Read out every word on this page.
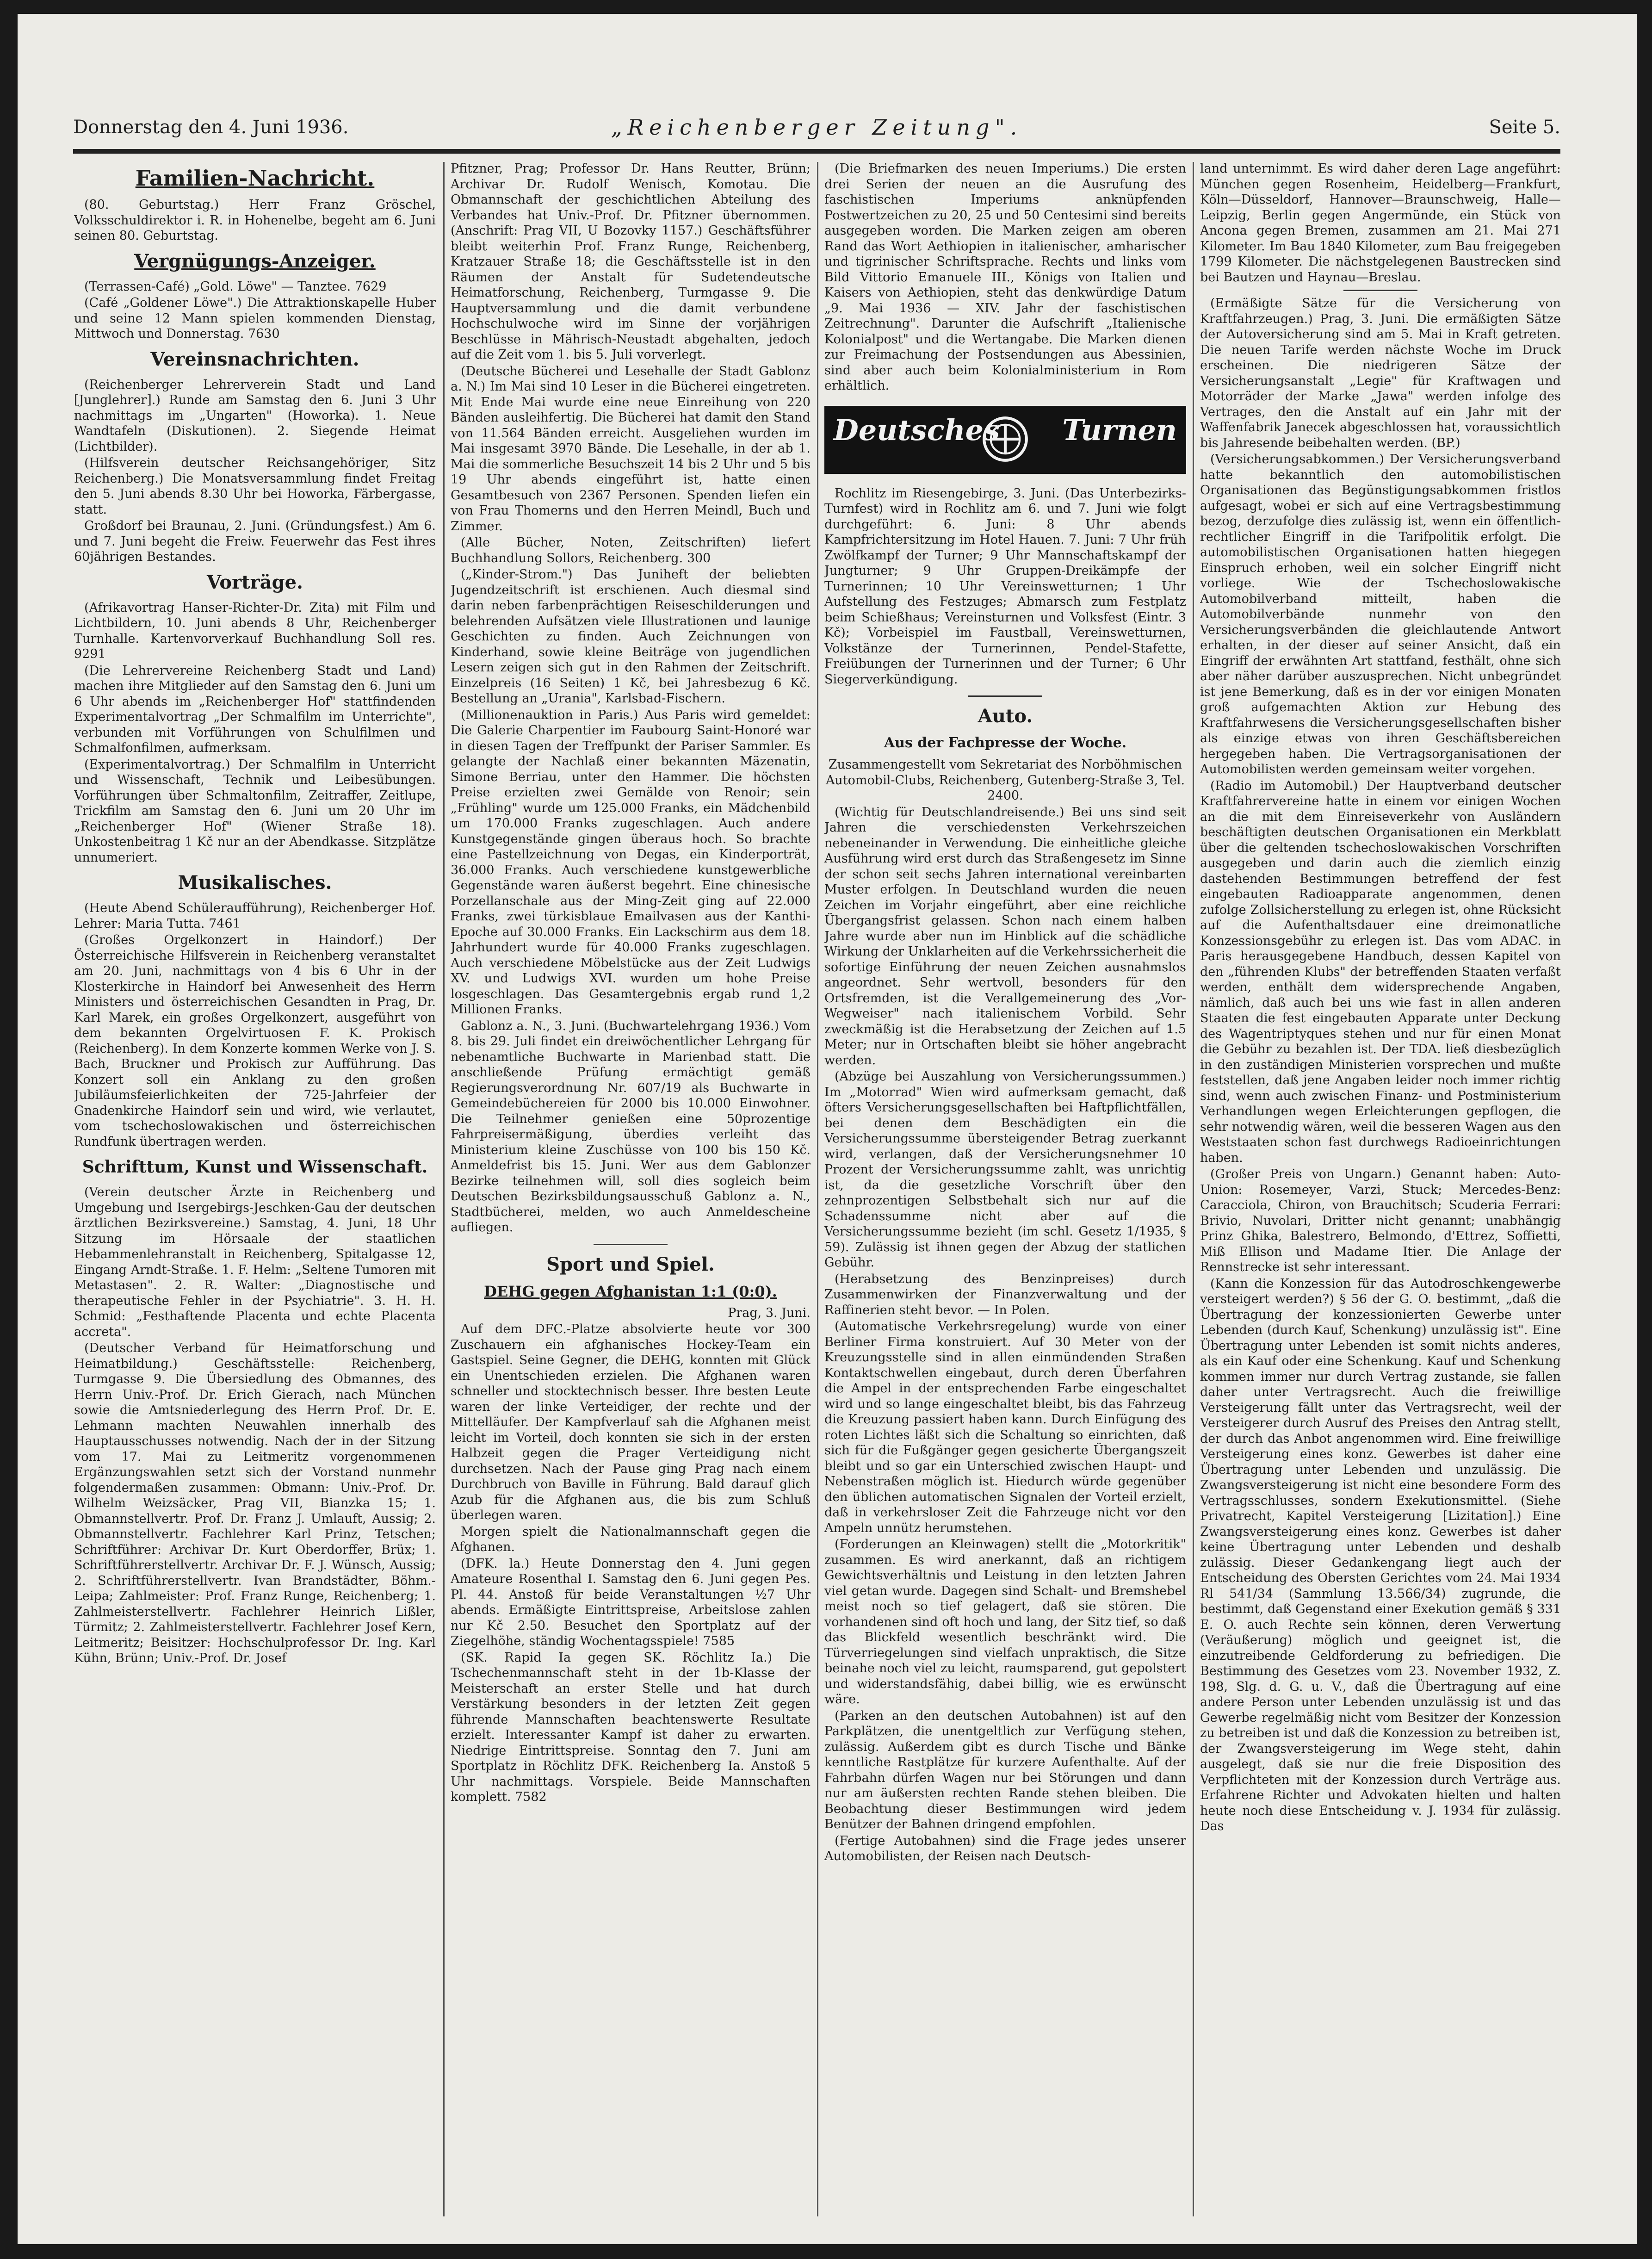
Donnerstag den 4. Juni 1936.	„Reichenberger Zeitung".	Seite 5.
Familien-Nachricht.

(80. Geburtstag.) Herr Franz Gröschel, Volksschuldirektor i. R. in Hohenelbe, begeht am 6. Juni seinen 80. Geburtstag.

Vergnügungs-Anzeiger.

(Terrassen-Café) „Gold. Löwe" — Tanztee. 7629

(Café „Goldener Löwe".) Die Attraktionskapelle Huber und seine 12 Mann spielen kommenden Dienstag, Mittwoch und Donnerstag. 7630

Vereinsnachrichten.

(Reichenberger Lehrerverein Stadt und Land [Junglehrer].) Runde am Samstag den 6. Juni 3 Uhr nachmittags im „Ungarten" (Howorka). 1. Neue Wandtafeln (Diskutionen). 2. Siegende Heimat (Lichtbilder).

(Hilfsverein deutscher Reichsangehöriger, Sitz Reichenberg.) Die Monatsversammlung findet Freitag den 5. Juni abends 8.30 Uhr bei Howorka, Färbergasse, statt.

Großdorf bei Braunau, 2. Juni. (Gründungsfest.) Am 6. und 7. Juni begeht die Freiw. Feuerwehr das Fest ihres 60jährigen Bestandes.

Vorträge.

(Afrikavortrag Hanser-Richter-Dr. Zita) mit Film und Lichtbildern, 10. Juni abends 8 Uhr, Reichenberger Turnhalle. Kartenvorverkauf Buchhandlung Soll res. 9291

(Die Lehrervereine Reichenberg Stadt und Land) machen ihre Mitglieder auf den Samstag den 6. Juni um 6 Uhr abends im „Reichenberger Hof" stattfindenden Experimentalvortrag „Der Schmalfilm im Unterrichte", verbunden mit Vorführungen von Schulfilmen und Schmalfonfilmen, aufmerksam.

(Experimentalvortrag.) Der Schmalfilm in Unterricht und Wissenschaft, Technik und Leibesübungen. Vorführungen über Schmaltonfilm, Zeitraffer, Zeitlupe, Trickfilm am Samstag den 6. Juni um 20 Uhr im „Reichenberger Hof" (Wiener Straße 18). Unkostenbeitrag 1 Kč nur an der Abendkasse. Sitzplätze unnumeriert.

Musikalisches.

(Heute Abend Schüleraufführung), Reichenberger Hof. Lehrer: Maria Tutta. 7461

(Großes Orgelkonzert in Haindorf.) Der Österreichische Hilfsverein in Reichenberg veranstaltet am 20. Juni, nachmittags von 4 bis 6 Uhr in der Klosterkirche in Haindorf bei Anwesenheit des Herrn Ministers und österreichischen Gesandten in Prag, Dr. Karl Marek, ein großes Orgelkonzert, ausgeführt von dem bekannten Orgelvirtuosen F. K. Prokisch (Reichenberg). In dem Konzerte kommen Werke von J. S. Bach, Bruckner und Prokisch zur Aufführung. Das Konzert soll ein Anklang zu den großen Jubiläumsfeierlichkeiten der 725-Jahrfeier der Gnadenkirche Haindorf sein und wird, wie verlautet, vom tschechoslowakischen und österreichischen Rundfunk übertragen werden.

Schrifttum, Kunst und Wissenschaft.

(Verein deutscher Ärzte in Reichenberg und Umgebung und Isergebirgs-Jeschken-Gau der deutschen ärztlichen Bezirksvereine.) Samstag, 4. Juni, 18 Uhr Sitzung im Hörsaale der staatlichen Hebammenlehranstalt in Reichenberg, Spitalgasse 12, Eingang Arndt-Straße. 1. F. Helm: „Seltene Tumoren mit Metastasen". 2. R. Walter: „Diagnostische und therapeutische Fehler in der Psychiatrie". 3. H. H. Schmid: „Festhaftende Placenta und echte Placenta accreta".

(Deutscher Verband für Heimatforschung und Heimatbildung.) Geschäftsstelle: Reichenberg, Turmgasse 9. Die Übersiedlung des Obmannes, des Herrn Univ.-Prof. Dr. Erich Gierach, nach München sowie die Amtsniederlegung des Herrn Prof. Dr. E. Lehmann machten Neuwahlen innerhalb des Hauptausschusses notwendig. Nach der in der Sitzung vom 17. Mai zu Leitmeritz vorgenommenen Ergänzungswahlen setzt sich der Vorstand nunmehr folgendermaßen zusammen: Obmann: Univ.-Prof. Dr. Wilhelm Weizsäcker, Prag VII, Bianzka 15; 1. Obmannstellvertr. Prof. Dr. Franz J. Umlauft, Aussig; 2. Obmannstellvertr. Fachlehrer Karl Prinz, Tetschen; Schriftführer: Archivar Dr. Kurt Oberdorffer, Brüx; 1. Schriftführerstellvertr. Archivar Dr. F. J. Wünsch, Aussig; 2. Schriftführerstellvertr. Ivan Brandstädter, Böhm.-Leipa; Zahlmeister: Prof. Franz Runge, Reichenberg; 1. Zahlmeisterstellvertr. Fachlehrer Heinrich Lißler, Türmitz; 2. Zahlmeisterstellvertr. Fachlehrer Josef Kern, Leitmeritz; Beisitzer: Hochschulprofessor Dr. Ing. Karl Kühn, Brünn; Univ.-Prof. Dr. Josef

Pfitzner, Prag; Professor Dr. Hans Reutter, Brünn; Archivar Dr. Rudolf Wenisch, Komotau. Die Obmannschaft der geschichtlichen Abteilung des Verbandes hat Univ.-Prof. Dr. Pfitzner übernommen. (Anschrift: Prag VII, U Bozovky 1157.) Geschäftsführer bleibt weiterhin Prof. Franz Runge, Reichenberg, Kratzauer Straße 18; die Geschäftsstelle ist in den Räumen der Anstalt für Sudetendeutsche Heimatforschung, Reichenberg, Turmgasse 9. Die Hauptversammlung und die damit verbundene Hochschulwoche wird im Sinne der vorjährigen Beschlüsse in Mährisch-Neustadt abgehalten, jedoch auf die Zeit vom 1. bis 5. Juli vorverlegt.

(Deutsche Bücherei und Lesehalle der Stadt Gablonz a. N.) Im Mai sind 10 Leser in die Bücherei eingetreten. Mit Ende Mai wurde eine neue Einreihung von 220 Bänden ausleihfertig. Die Bücherei hat damit den Stand von 11.564 Bänden erreicht. Ausgeliehen wurden im Mai insgesamt 3970 Bände. Die Lesehalle, in der ab 1. Mai die sommerliche Besuchszeit 14 bis 2 Uhr und 5 bis 19 Uhr abends eingeführt ist, hatte einen Gesamtbesuch von 2367 Personen. Spenden liefen ein von Frau Thomerns und den Herren Meindl, Buch und Zimmer.

(Alle Bücher, Noten, Zeitschriften) liefert Buchhandlung Sollors, Reichenberg. 300

(„Kinder-Strom.") Das Juniheft der beliebten Jugendzeitschrift ist erschienen. Auch diesmal sind darin neben farbenprächtigen Reiseschilderungen und belehrenden Aufsätzen viele Illustrationen und launige Geschichten zu finden. Auch Zeichnungen von Kinderhand, sowie kleine Beiträge von jugendlichen Lesern zeigen sich gut in den Rahmen der Zeitschrift. Einzelpreis (16 Seiten) 1 Kč, bei Jahresbezug 6 Kč. Bestellung an „Urania", Karlsbad-Fischern.

(Millionenauktion in Paris.) Aus Paris wird gemeldet: Die Galerie Charpentier im Faubourg Saint-Honoré war in diesen Tagen der Treffpunkt der Pariser Sammler. Es gelangte der Nachlaß einer bekannten Mäzenatin, Simone Berriau, unter den Hammer. Die höchsten Preise erzielten zwei Gemälde von Renoir; sein „Frühling" wurde um 125.000 Franks, ein Mädchenbild um 170.000 Franks zugeschlagen. Auch andere Kunstgegenstände gingen überaus hoch. So brachte eine Pastellzeichnung von Degas, ein Kinderporträt, 36.000 Franks. Auch verschiedene kunstgewerbliche Gegenstände waren äußerst begehrt. Eine chinesische Porzellanschale aus der Ming-Zeit ging auf 22.000 Franks, zwei türkisblaue Emailvasen aus der Kanthi-Epoche auf 30.000 Franks. Ein Lackschirm aus dem 18. Jahrhundert wurde für 40.000 Franks zugeschlagen. Auch verschiedene Möbelstücke aus der Zeit Ludwigs XV. und Ludwigs XVI. wurden um hohe Preise losgeschlagen. Das Gesamtergebnis ergab rund 1,2 Millionen Franks.

Gablonz a. N., 3. Juni. (Buchwartelehrgang 1936.) Vom 8. bis 29. Juli findet ein dreiwöchentlicher Lehrgang für nebenamtliche Buchwarte in Marienbad statt. Die anschließende Prüfung ermächtigt gemäß Regierungsverordnung Nr. 607/19 als Buchwarte in Gemeindebüchereien für 2000 bis 10.000 Einwohner. Die Teilnehmer genießen eine 50prozentige Fahrpreisermäßigung, überdies verleiht das Ministerium kleine Zuschüsse von 100 bis 150 Kč. Anmeldefrist bis 15. Juni. Wer aus dem Gablonzer Bezirke teilnehmen will, soll dies sogleich beim Deutschen Bezirksbildungsausschuß Gablonz a. N., Stadtbücherei, melden, wo auch Anmeldescheine aufliegen.

Sport und Spiel.
DEHG gegen Afghanistan 1:1 (0:0).

Prag, 3. Juni.

Auf dem DFC.-Platze absolvierte heute vor 300 Zuschauern ein afghanisches Hockey-Team ein Gastspiel. Seine Gegner, die DEHG, konnten mit Glück ein Unentschieden erzielen. Die Afghanen waren schneller und stocktechnisch besser. Ihre besten Leute waren der linke Verteidiger, der rechte und der Mittelläufer. Der Kampfverlauf sah die Afghanen meist leicht im Vorteil, doch konnten sie sich in der ersten Halbzeit gegen die Prager Verteidigung nicht durchsetzen. Nach der Pause ging Prag nach einem Durchbruch von Baville in Führung. Bald darauf glich Azub für die Afghanen aus, die bis zum Schluß überlegen waren.

Morgen spielt die Nationalmannschaft gegen die Afghanen.

(DFK. la.) Heute Donnerstag den 4. Juni gegen Amateure Rosenthal I. Samstag den 6. Juni gegen Pes. Pl. 44. Anstoß für beide Veranstaltungen ½7 Uhr abends. Ermäßigte Eintrittspreise, Arbeitslose zahlen nur Kč 2.50. Besuchet den Sportplatz auf der Ziegelhöhe, ständig Wochentagsspiele! 7585

(SK. Rapid Ia gegen SK. Röchlitz Ia.) Die Tschechenmannschaft steht in der 1b-Klasse der Meisterschaft an erster Stelle und hat durch Verstärkung besonders in der letzten Zeit gegen führende Mannschaften beachtenswerte Resultate erzielt. Interessanter Kampf ist daher zu erwarten. Niedrige Eintrittspreise. Sonntag den 7. Juni am Sportplatz in Röchlitz DFK. Reichenberg Ia. Anstoß 5 Uhr nachmittags. Vorspiele. Beide Mannschaften komplett. 7582

(Die Briefmarken des neuen Imperiums.) Die ersten drei Serien der neuen an die Ausrufung des faschistischen Imperiums anknüpfenden Postwertzeichen zu 20, 25 und 50 Centesimi sind bereits ausgegeben worden. Die Marken zeigen am oberen Rand das Wort Aethiopien in italienischer, amharischer und tigrinischer Schriftsprache. Rechts und links vom Bild Vittorio Emanuele III., Königs von Italien und Kaisers von Aethiopien, steht das denkwürdige Datum „9. Mai 1936 — XIV. Jahr der faschistischen Zeitrechnung". Darunter die Aufschrift „Italienische Kolonialpost" und die Wertangabe. Die Marken dienen zur Freimachung der Postsendungen aus Abessinien, sind aber auch beim Kolonialministerium in Rom erhältlich.

Deutsches Turnen

Rochlitz im Riesengebirge, 3. Juni. (Das Unterbezirks-Turnfest) wird in Rochlitz am 6. und 7. Juni wie folgt durchgeführt: 6. Juni: 8 Uhr abends Kampfrichtersitzung im Hotel Hauen. 7. Juni: 7 Uhr früh Zwölfkampf der Turner; 9 Uhr Mannschaftskampf der Jungturner; 9 Uhr Gruppen-Dreikämpfe der Turnerinnen; 10 Uhr Vereinswetturnen; 1 Uhr Aufstellung des Festzuges; Abmarsch zum Festplatz beim Schießhaus; Vereinsturnen und Volksfest (Eintr. 3 Kč); Vorbeispiel im Faustball, Vereinswetturnen, Volkstänze der Turnerinnen, Pendel-Stafette, Freiübungen der Turnerinnen und der Turner; 6 Uhr Siegerverkündigung.

Auto.
Aus der Fachpresse der Woche.

Zusammengestellt vom Sekretariat des Norböhmischen Automobil-Clubs, Reichenberg, Gutenberg-Straße 3, Tel. 2400.

(Wichtig für Deutschlandreisende.) Bei uns sind seit Jahren die verschiedensten Verkehrszeichen nebeneinander in Verwendung. Die einheitliche gleiche Ausführung wird erst durch das Straßengesetz im Sinne der schon seit sechs Jahren international vereinbarten Muster erfolgen. In Deutschland wurden die neuen Zeichen im Vorjahr eingeführt, aber eine reichliche Übergangsfrist gelassen. Schon nach einem halben Jahre wurde aber nun im Hinblick auf die schädliche Wirkung der Unklarheiten auf die Verkehrssicherheit die sofortige Einführung der neuen Zeichen ausnahmslos angeordnet. Sehr wertvoll, besonders für den Ortsfremden, ist die Verallgemeinerung des „Vor-Wegweiser" nach italienischem Vorbild. Sehr zweckmäßig ist die Herabsetzung der Zeichen auf 1.5 Meter; nur in Ortschaften bleibt sie höher angebracht werden.

(Abzüge bei Auszahlung von Versicherungssummen.) Im „Motorrad" Wien wird aufmerksam gemacht, daß öfters Versicherungsgesellschaften bei Haftpflichtfällen, bei denen dem Beschädigten ein die Versicherungssumme übersteigender Betrag zuerkannt wird, verlangen, daß der Versicherungsnehmer 10 Prozent der Versicherungssumme zahlt, was unrichtig ist, da die gesetzliche Vorschrift über den zehnprozentigen Selbstbehalt sich nur auf die Schadenssumme nicht aber auf die Versicherungssumme bezieht (im schl. Gesetz 1/1935, § 59). Zulässig ist ihnen gegen der Abzug der statlichen Gebühr.

(Herabsetzung des Benzinpreises) durch Zusammenwirken der Finanzverwaltung und der Raffinerien steht bevor. — In Polen.

(Automatische Verkehrsregelung) wurde von einer Berliner Firma konstruiert. Auf 30 Meter von der Kreuzungsstelle sind in allen einmündenden Straßen Kontaktschwellen eingebaut, durch deren Überfahren die Ampel in der entsprechenden Farbe eingeschaltet wird und so lange eingeschaltet bleibt, bis das Fahrzeug die Kreuzung passiert haben kann. Durch Einfügung des roten Lichtes läßt sich die Schaltung so einrichten, daß sich für die Fußgänger gegen gesicherte Übergangszeit bleibt und so gar ein Unterschied zwischen Haupt- und Nebenstraßen möglich ist. Hiedurch würde gegenüber den üblichen automatischen Signalen der Vorteil erzielt, daß in verkehrsloser Zeit die Fahrzeuge nicht vor den Ampeln unnütz herumstehen.

(Forderungen an Kleinwagen) stellt die „Motorkritik" zusammen. Es wird anerkannt, daß an richtigem Gewichtsverhältnis und Leistung in den letzten Jahren viel getan wurde. Dagegen sind Schalt- und Bremshebel meist noch so tief gelagert, daß sie stören. Die vorhandenen sind oft hoch und lang, der Sitz tief, so daß das Blickfeld wesentlich beschränkt wird. Die Türverriegelungen sind vielfach unpraktisch, die Sitze beinahe noch viel zu leicht, raumsparend, gut gepolstert und widerstandsfähig, dabei billig, wie es erwünscht wäre.

(Parken an den deutschen Autobahnen) ist auf den Parkplätzen, die unentgeltlich zur Verfügung stehen, zulässig. Außerdem gibt es durch Tische und Bänke kenntliche Rastplätze für kurzere Aufenthalte. Auf der Fahrbahn dürfen Wagen nur bei Störungen und dann nur am äußersten rechten Rande stehen bleiben. Die Beobachtung dieser Bestimmungen wird jedem Benützer der Bahnen dringend empfohlen.

(Fertige Autobahnen) sind die Frage jedes unserer Automobilisten, der Reisen nach Deutsch-

land unternimmt. Es wird daher deren Lage angeführt: München gegen Rosenheim, Heidelberg—Frankfurt, Köln—Düsseldorf, Hannover—Braunschweig, Halle—Leipzig, Berlin gegen Angermünde, ein Stück von Ancona gegen Bremen, zusammen am 21. Mai 271 Kilometer. Im Bau 1840 Kilometer, zum Bau freigegeben 1799 Kilometer. Die nächstgelegenen Baustrecken sind bei Bautzen und Haynau—Breslau.

(Ermäßigte Sätze für die Versicherung von Kraftfahrzeugen.) Prag, 3. Juni. Die ermäßigten Sätze der Autoversicherung sind am 5. Mai in Kraft getreten. Die neuen Tarife werden nächste Woche im Druck erscheinen. Die niedrigeren Sätze der Versicherungsanstalt „Legie" für Kraftwagen und Motorräder der Marke „Jawa" werden infolge des Vertrages, den die Anstalt auf ein Jahr mit der Waffenfabrik Janecek abgeschlossen hat, voraussichtlich bis Jahresende beibehalten werden. (BP.)

(Versicherungsabkommen.) Der Versicherungsverband hatte bekanntlich den automobilistischen Organisationen das Begünstigungsabkommen fristlos aufgesagt, wobei er sich auf eine Vertragsbestimmung bezog, derzufolge dies zulässig ist, wenn ein öffentlich-rechtlicher Eingriff in die Tarifpolitik erfolgt. Die automobilistischen Organisationen hatten hiegegen Einspruch erhoben, weil ein solcher Eingriff nicht vorliege. Wie der Tschechoslowakische Automobilverband mitteilt, haben die Automobilverbände nunmehr von den Versicherungsverbänden die gleichlautende Antwort erhalten, in der dieser auf seiner Ansicht, daß ein Eingriff der erwähnten Art stattfand, festhält, ohne sich aber näher darüber auszusprechen. Nicht unbegründet ist jene Bemerkung, daß es in der vor einigen Monaten groß aufgemachten Aktion zur Hebung des Kraftfahrwesens die Versicherungsgesellschaften bisher als einzige etwas von ihren Geschäftsbereichen hergegeben haben. Die Vertragsorganisationen der Automobilisten werden gemeinsam weiter vorgehen.

(Radio im Automobil.) Der Hauptverband deutscher Kraftfahrervereine hatte in einem vor einigen Wochen an die mit dem Einreiseverkehr von Ausländern beschäftigten deutschen Organisationen ein Merkblatt über die geltenden tschechoslowakischen Vorschriften ausgegeben und darin auch die ziemlich einzig dastehenden Bestimmungen betreffend der fest eingebauten Radioapparate angenommen, denen zufolge Zollsicherstellung zu erlegen ist, ohne Rücksicht auf die Aufenthaltsdauer eine dreimonatliche Konzessionsgebühr zu erlegen ist. Das vom ADAC. in Paris herausgegebene Handbuch, dessen Kapitel von den „führenden Klubs" der betreffenden Staaten verfaßt werden, enthält dem widersprechende Angaben, nämlich, daß auch bei uns wie fast in allen anderen Staaten die fest eingebauten Apparate unter Deckung des Wagentriptyques stehen und nur für einen Monat die Gebühr zu bezahlen ist. Der TDA. ließ diesbezüglich in den zuständigen Ministerien vorsprechen und mußte feststellen, daß jene Angaben leider noch immer richtig sind, wenn auch zwischen Finanz- und Postministerium Verhandlungen wegen Erleichterungen gepflogen, die sehr notwendig wären, weil die besseren Wagen aus den Weststaaten schon fast durchwegs Radioeinrichtungen haben.

(Großer Preis von Ungarn.) Genannt haben: Auto-Union: Rosemeyer, Varzi, Stuck; Mercedes-Benz: Caracciola, Chiron, von Brauchitsch; Scuderia Ferrari: Brivio, Nuvolari, Dritter nicht genannt; unabhängig Prinz Ghika, Balestrero, Belmondo, d'Ettrez, Soffietti, Miß Ellison und Madame Itier. Die Anlage der Rennstrecke ist sehr interessant.

(Kann die Konzession für das Autodroschkengewerbe versteigert werden?) § 56 der G. O. bestimmt, „daß die Übertragung der konzessionierten Gewerbe unter Lebenden (durch Kauf, Schenkung) unzulässig ist". Eine Übertragung unter Lebenden ist somit nichts anderes, als ein Kauf oder eine Schenkung. Kauf und Schenkung kommen immer nur durch Vertrag zustande, sie fallen daher unter Vertragsrecht. Auch die freiwillige Versteigerung fällt unter das Vertragsrecht, weil der Versteigerer durch Ausruf des Preises den Antrag stellt, der durch das Anbot angenommen wird. Eine freiwillige Versteigerung eines konz. Gewerbes ist daher eine Übertragung unter Lebenden und unzulässig. Die Zwangsversteigerung ist nicht eine besondere Form des Vertragsschlusses, sondern Exekutionsmittel. (Siehe Privatrecht, Kapitel Versteigerung [Lizitation].) Eine Zwangsversteigerung eines konz. Gewerbes ist daher keine Übertragung unter Lebenden und deshalb zulässig. Dieser Gedankengang liegt auch der Entscheidung des Obersten Gerichtes vom 24. Mai 1934 Rl 541/34 (Sammlung 13.566/34) zugrunde, die bestimmt, daß Gegenstand einer Exekution gemäß § 331 E. O. auch Rechte sein können, deren Verwertung (Veräußerung) möglich und geeignet ist, die einzutreibende Geldforderung zu befriedigen. Die Bestimmung des Gesetzes vom 23. November 1932, Z. 198, Slg. d. G. u. V., daß die Übertragung auf eine andere Person unter Lebenden unzulässig ist und das Gewerbe regelmäßig nicht vom Besitzer der Konzession zu betreiben ist und daß die Konzession zu betreiben ist, der Zwangsversteigerung im Wege steht, dahin ausgelegt, daß sie nur die freie Disposition des Verpflichteten mit der Konzession durch Verträge aus. Erfahrene Richter und Advokaten hielten und halten heute noch diese Entscheidung v. J. 1934 für zulässig. Das
